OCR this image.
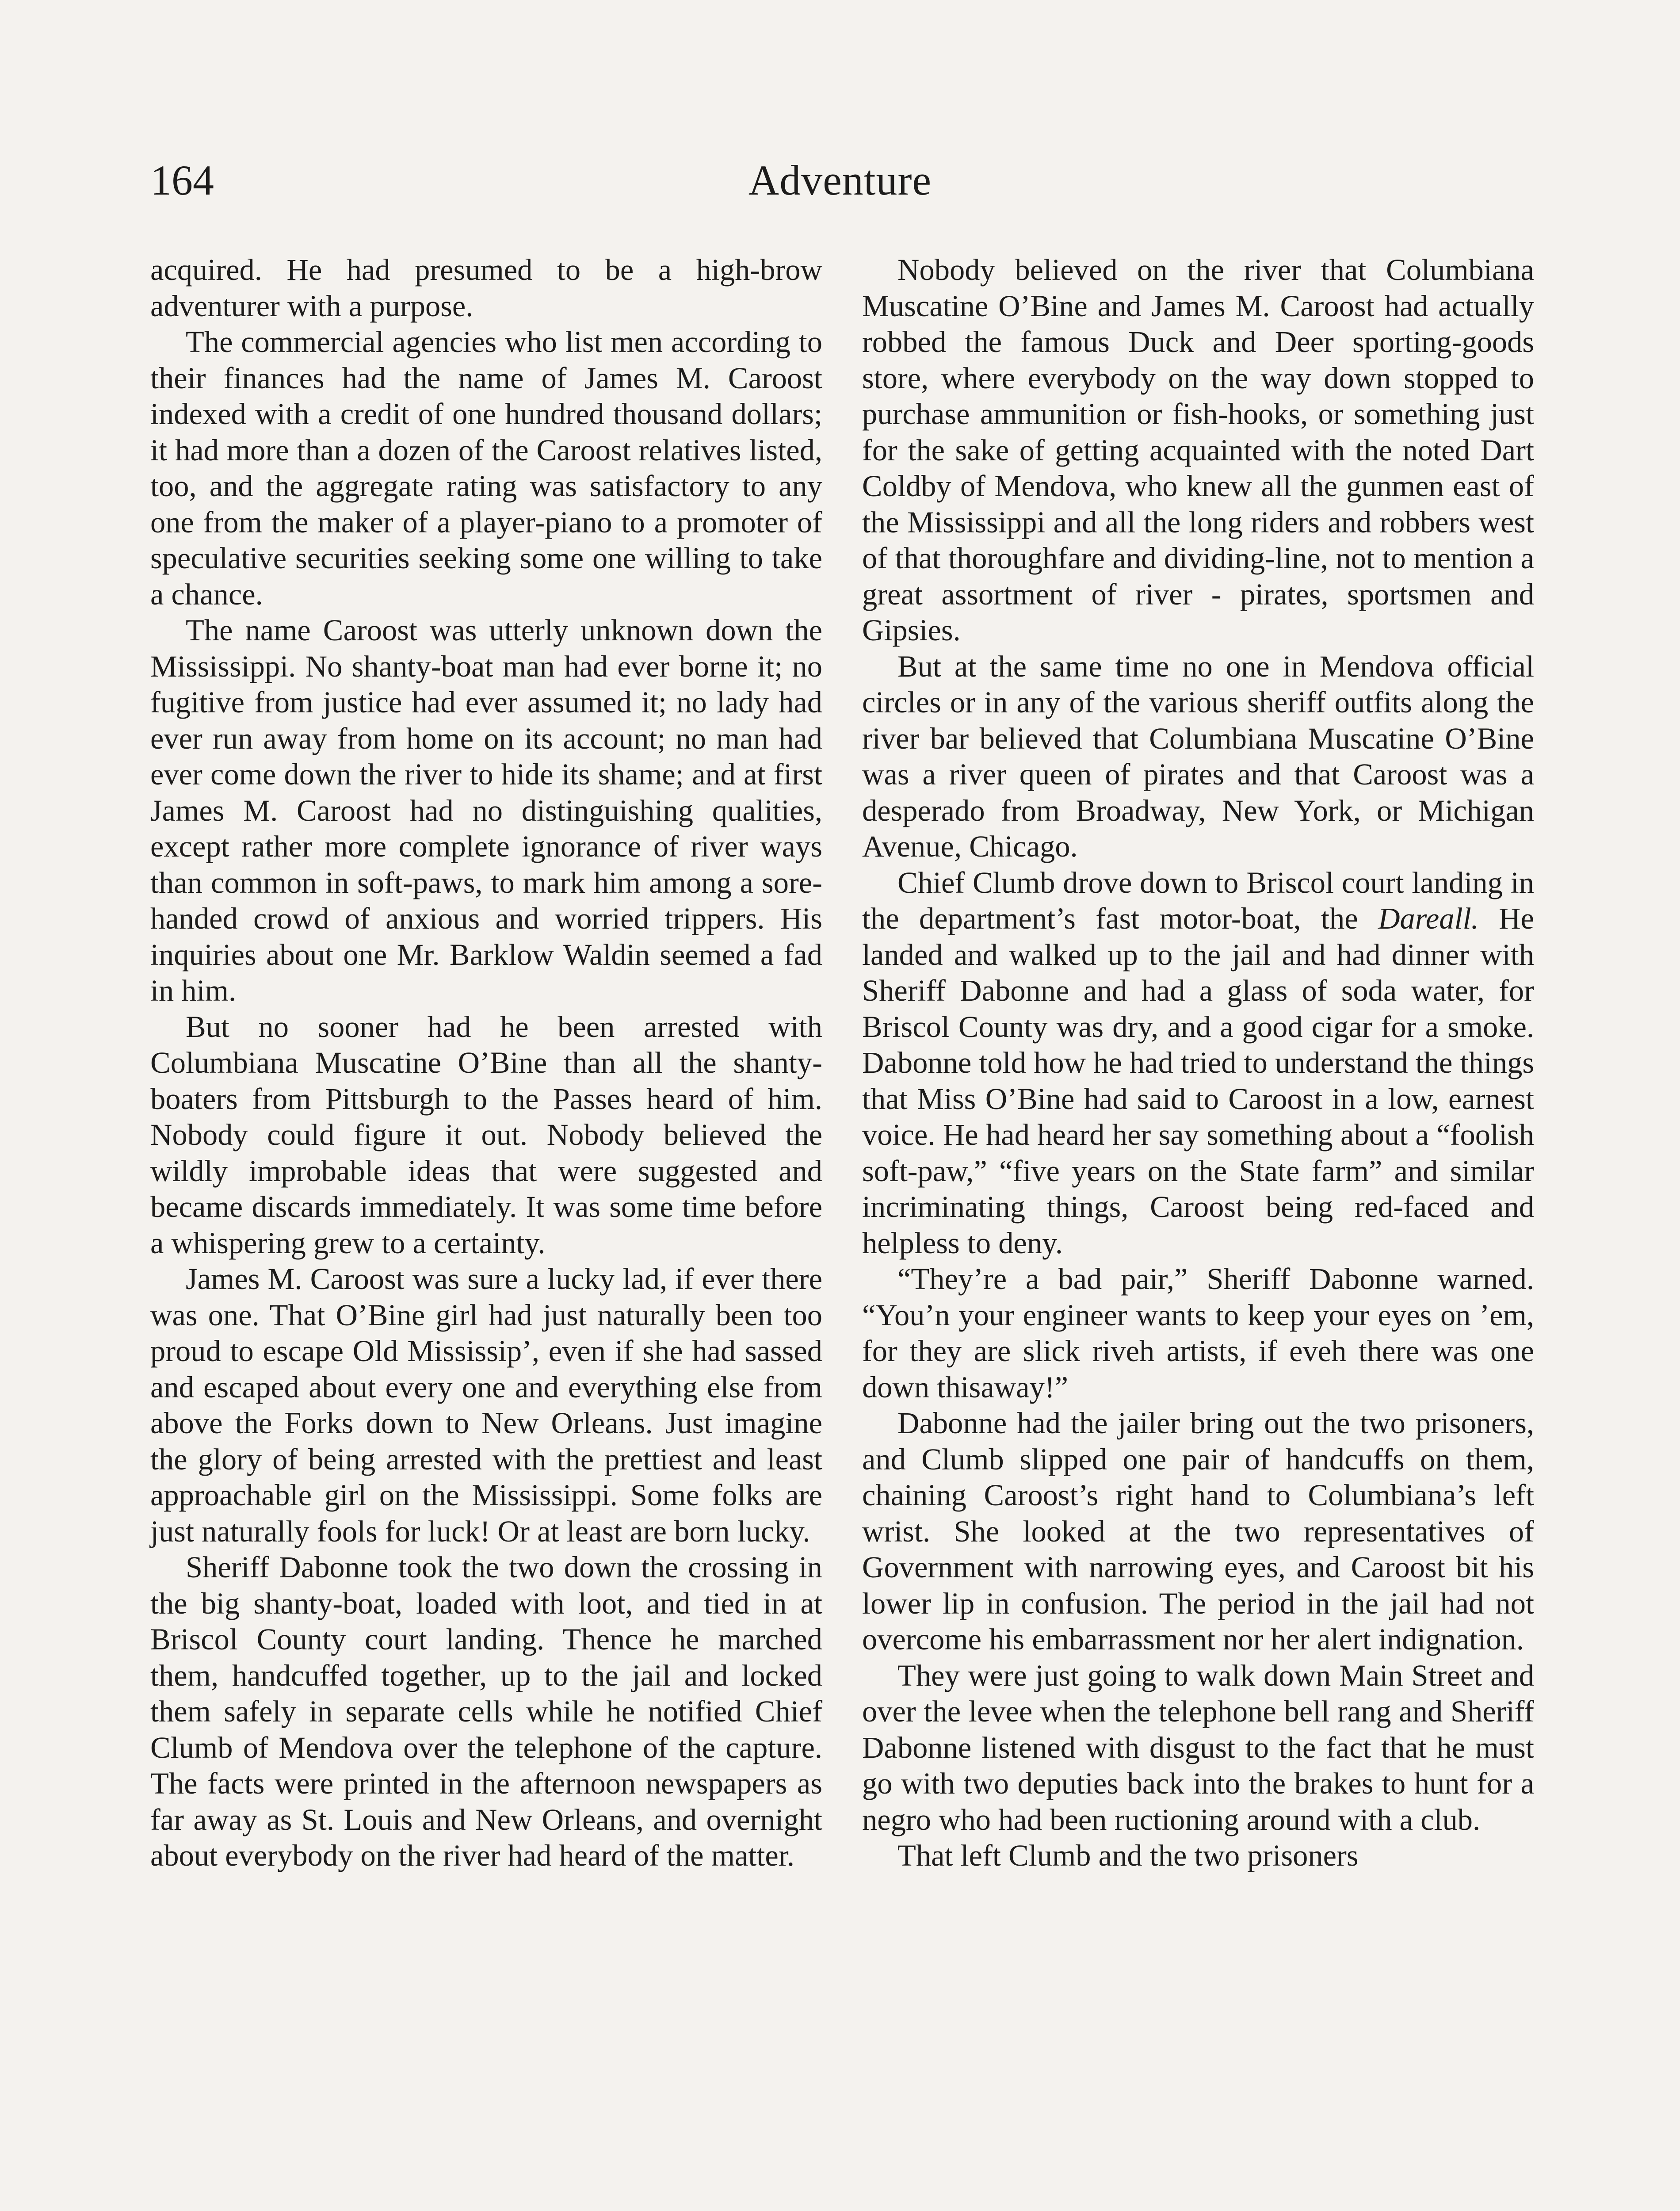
164	Adventure

acquired. He had presumed to be a high-brow adventurer with a purpose.

The commercial agencies who list men according to their finances had the name of James M. Caroost indexed with a credit of one hundred thousand dollars; it had more than a dozen of the Caroost relatives listed, too, and the aggregate rating was satisfactory to any one from the maker of a player-piano to a promoter of speculative securities seeking some one willing to take a chance.

The name Caroost was utterly unknown down the Mississippi. No shanty-boat man had ever borne it; no fugitive from justice had ever assumed it; no lady had ever run away from home on its account; no man had ever come down the river to hide its shame; and at first James M. Caroost had no distinguishing qualities, except rather more complete ignorance of river ways than common in soft-paws, to mark him among a sore-handed crowd of anxious and worried trippers. His inquiries about one Mr. Barklow Waldin seemed a fad in him.

But no sooner had he been arrested with Columbiana Muscatine O’Bine than all the shanty-boaters from Pittsburgh to the Passes heard of him. Nobody could figure it out. Nobody believed the wildly improbable ideas that were suggested and became discards immediately. It was some time before a whispering grew to a certainty.

James M. Caroost was sure a lucky lad, if ever there was one. That O’Bine girl had just naturally been too proud to escape Old Mississip’, even if she had sassed and escaped about every one and everything else from above the Forks down to New Orleans. Just imagine the glory of being arrested with the prettiest and least approachable girl on the Mississippi. Some folks are just naturally fools for luck! Or at least are born lucky.

Sheriff Dabonne took the two down the crossing in the big shanty-boat, loaded with loot, and tied in at Briscol County court landing. Thence he marched them, handcuffed together, up to the jail and locked them safely in separate cells while he notified Chief Clumb of Mendova over the telephone of the capture. The facts were printed in the afternoon newspapers as far away as St. Louis and New Orleans, and overnight about everybody on the river had heard of the matter.

Nobody believed on the river that Columbiana Muscatine O’Bine and James M. Caroost had actually robbed the famous Duck and Deer sporting-goods store, where everybody on the way down stopped to purchase ammunition or fish-hooks, or something just for the sake of getting acquainted with the noted Dart Coldby of Mendova, who knew all the gunmen east of the Mississippi and all the long riders and robbers west of that thoroughfare and dividing-line, not to mention a great assortment of river - pirates, sportsmen and Gipsies.

But at the same time no one in Mendova official circles or in any of the various sheriff outfits along the river bar believed that Columbiana Muscatine O’Bine was a river queen of pirates and that Caroost was a desperado from Broadway, New York, or Michigan Avenue, Chicago.

Chief Clumb drove down to Briscol court landing in the department’s fast motor-boat, the Dareall. He landed and walked up to the jail and had dinner with Sheriff Dabonne and had a glass of soda water, for Briscol County was dry, and a good cigar for a smoke. Dabonne told how he had tried to understand the things that Miss O’Bine had said to Caroost in a low, earnest voice. He had heard her say something about a “foolish soft-paw,” “five years on the State farm” and similar incriminating things, Caroost being red-faced and helpless to deny.

“They’re a bad pair,” Sheriff Dabonne warned. “You’n your engineer wants to keep your eyes on ’em, for they are slick riveh artists, if eveh there was one down thisaway!”

Dabonne had the jailer bring out the two prisoners, and Clumb slipped one pair of handcuffs on them, chaining Caroost’s right hand to Columbiana’s left wrist. She looked at the two representatives of Government with narrowing eyes, and Caroost bit his lower lip in confusion. The period in the jail had not overcome his embarrassment nor her alert indignation.

They were just going to walk down Main Street and over the levee when the telephone bell rang and Sheriff Dabonne listened with disgust to the fact that he must go with two deputies back into the brakes to hunt for a negro who had been ructioning around with a club.

That left Clumb and the two prisoners
